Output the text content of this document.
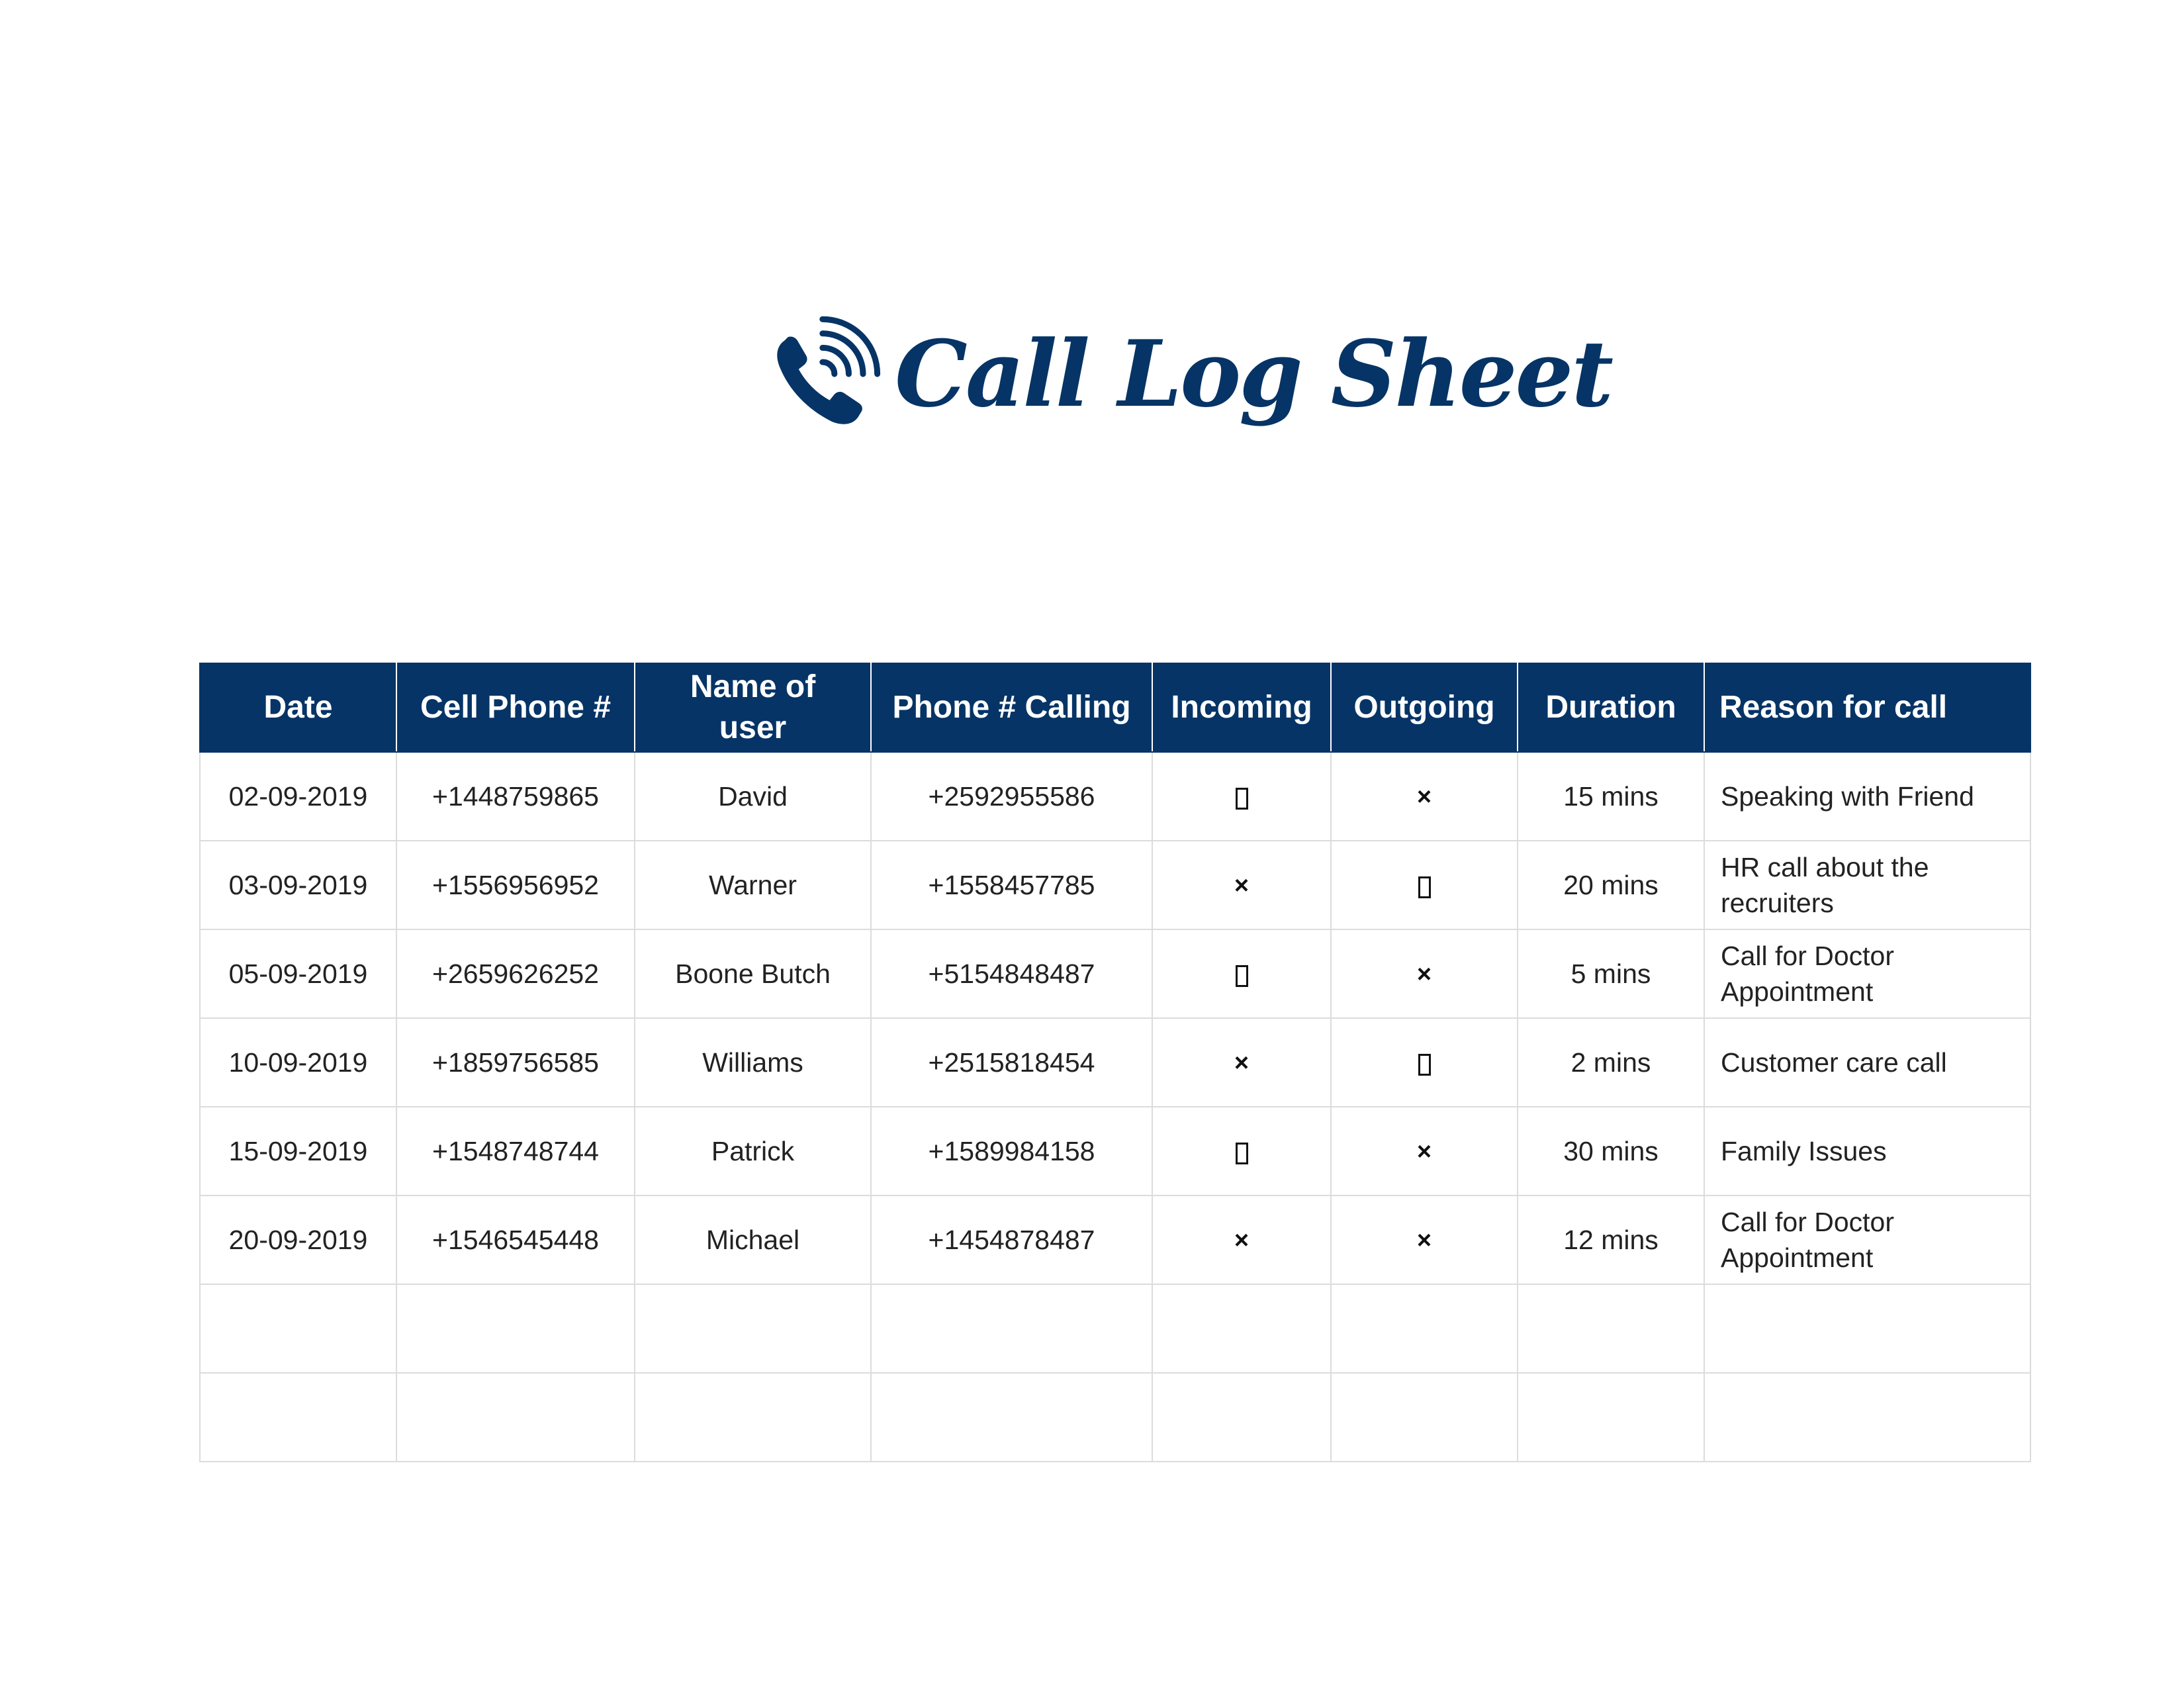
Call Log Sheet
Date	Cell Phone #	Name of user	Phone # Calling	Incoming	Outgoing	Duration	Reason for call
02-09-2019	+1448759865	David	+2592955586		×	15 mins	Speaking with Friend
03-09-2019	+1556956952	Warner	+1558457785	×		20 mins	HR call about the recruiters
05-09-2019	+2659626252	Boone Butch	+5154848487		×	5 mins	Call for Doctor Appointment
10-09-2019	+1859756585	Williams	+2515818454	×		2 mins	Customer care call
15-09-2019	+1548748744	Patrick	+1589984158		×	30 mins	Family Issues
20-09-2019	+1546545448	Michael	+1454878487	×	×	12 mins	Call for Doctor Appointment
